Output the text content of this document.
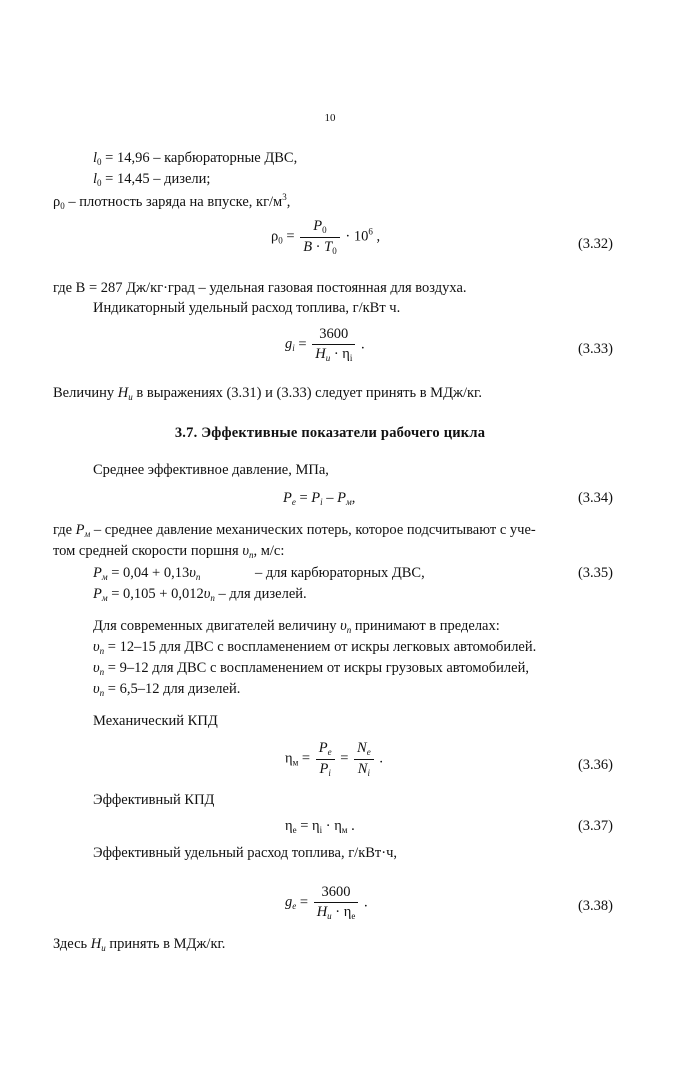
10
$l_0 = 14,96$ – карбюраторные ДВС,
$l_0 = 14,45$ – дизели;
$\rho_0$ – плотность заряда на впуске, $кг/м^3$,
$\rho_0 = \frac{P_0}{B \cdot T_0} \cdot 10^6$ ,	(3.32)
где B = 287 Дж/кг·град – удельная газовая постоянная для воздуха.
Индикаторный удельный расход топлива, г/кВт ч.
$g_i = \frac{3600}{H_u \cdot \eta_i}$ .	(3.33)
Величину $H_u$ в выражениях (3.31) и (3.33) следует принять в МДж/кг.
3.7. Эффективные показатели рабочего цикла
Среднее эффективное давление, МПа,
$P_e = P_i - P_м$,	(3.34)
где $P_м$ – среднее давление механических потерь, которое подсчитывают с уче-
том средней скорости поршня $\upsilon_п$, м/с:
$P_м = 0,04 + 0,13\upsilon_п$	– для карбюраторных ДВС,	(3.35)
$P_м = 0,105 + 0,012\upsilon_п$ – для дизелей.
Для современных двигателей величину $\upsilon_п$ принимают в пределах:
$\upsilon_п = 12-15$ для ДВС с воспламенением от искры легковых автомобилей.
$\upsilon_п = 9-12$ для ДВС с воспламенением от искры грузовых автомобилей,
$\upsilon_п = 6,5-12$ для дизелей.
Механический КПД
$\eta_м = \frac{P_e}{P_i} = \frac{N_e}{N_i}$ .	(3.36)
Эффективный КПД
$\eta_e = \eta_i \cdot \eta_м$ .	(3.37)
Эффективный удельный расход топлива, г/кВт·ч,
$g_e = \frac{3600}{H_u \cdot \eta_e}$ .	(3.38)
Здесь $H_u$ принять в МДж/кг.
